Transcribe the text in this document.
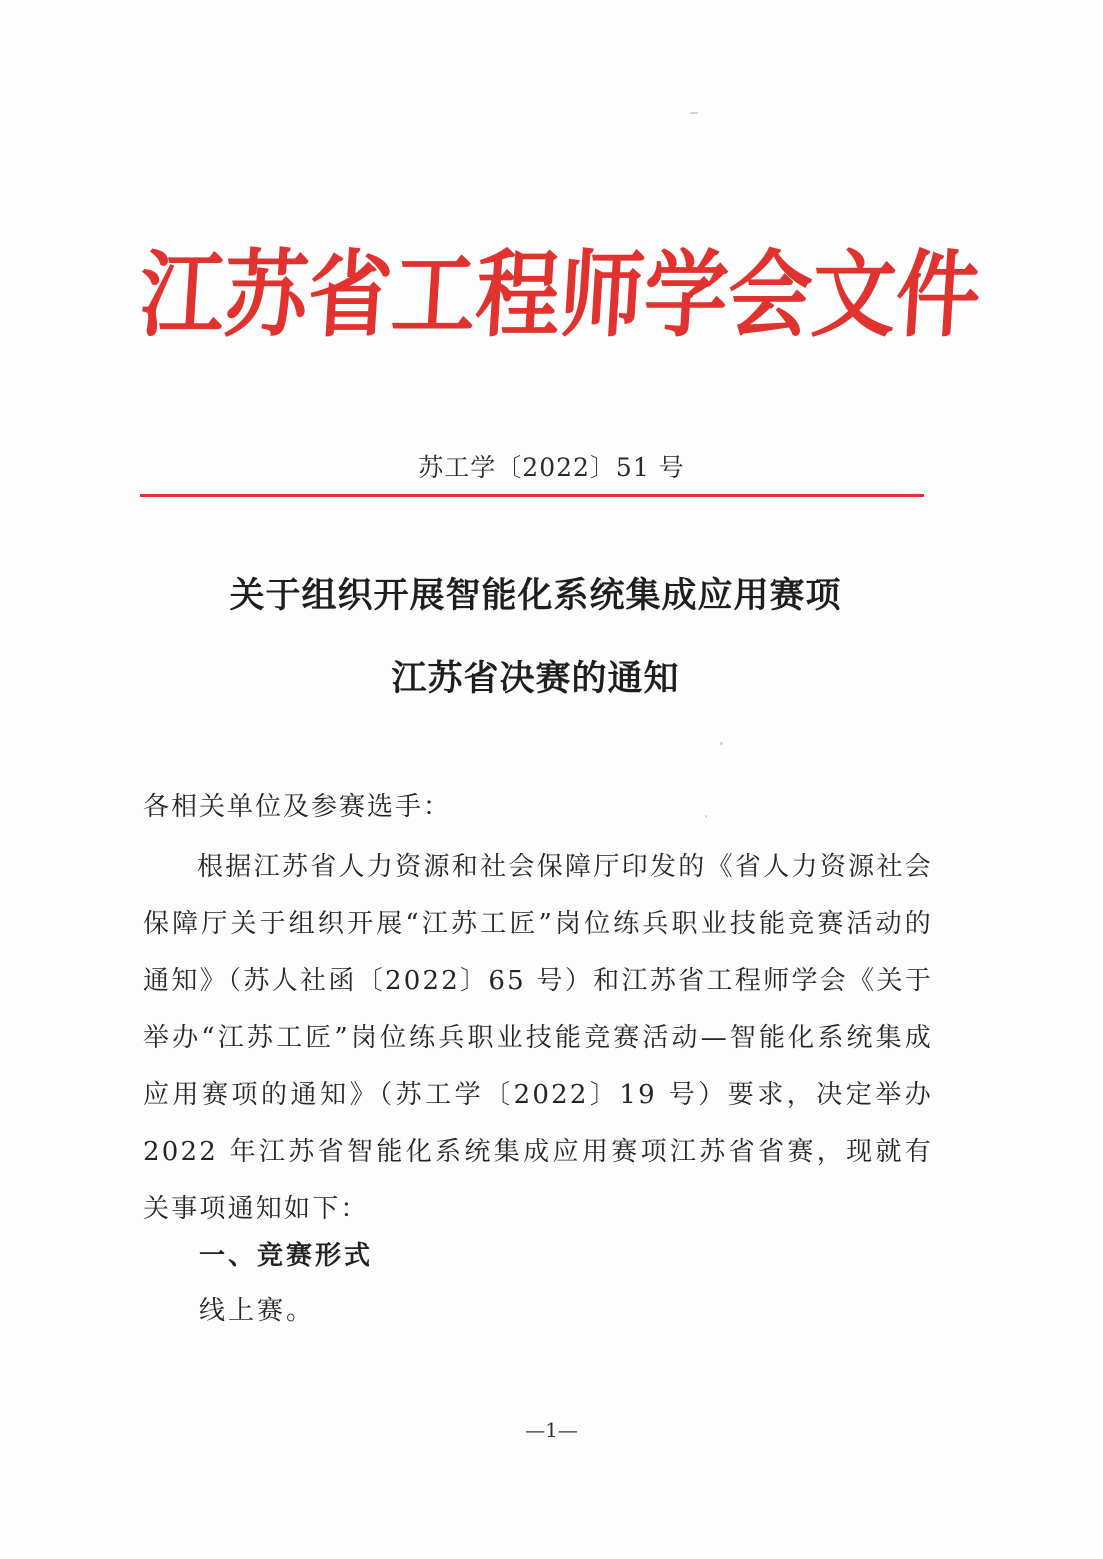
江
苏
省
工
程
师
学
会
文
件
苏工学〔2022〕51 号
关于组织开展智能化系统集成应用赛项
江苏省决赛的通知
各相关单位及参赛选手：
根据江苏省人力资源和社会保障厅印发的《省人力资源社会保障厅关于组织开展“江苏工匠”岗位练兵职业技能竞赛活动的通知》（苏人社函〔2022〕65 号）和江苏省工程师学会《关于举办“江苏工匠”岗位练兵职业技能竞赛活动—智能化系统集成应用赛项的通知》（苏工学〔2022〕19 号）要求，决定举办 2022 年江苏省智能化系统集成应用赛项江苏省省赛，现就有关事项通知如下：
一、竞赛形式
线上赛。
—1—
